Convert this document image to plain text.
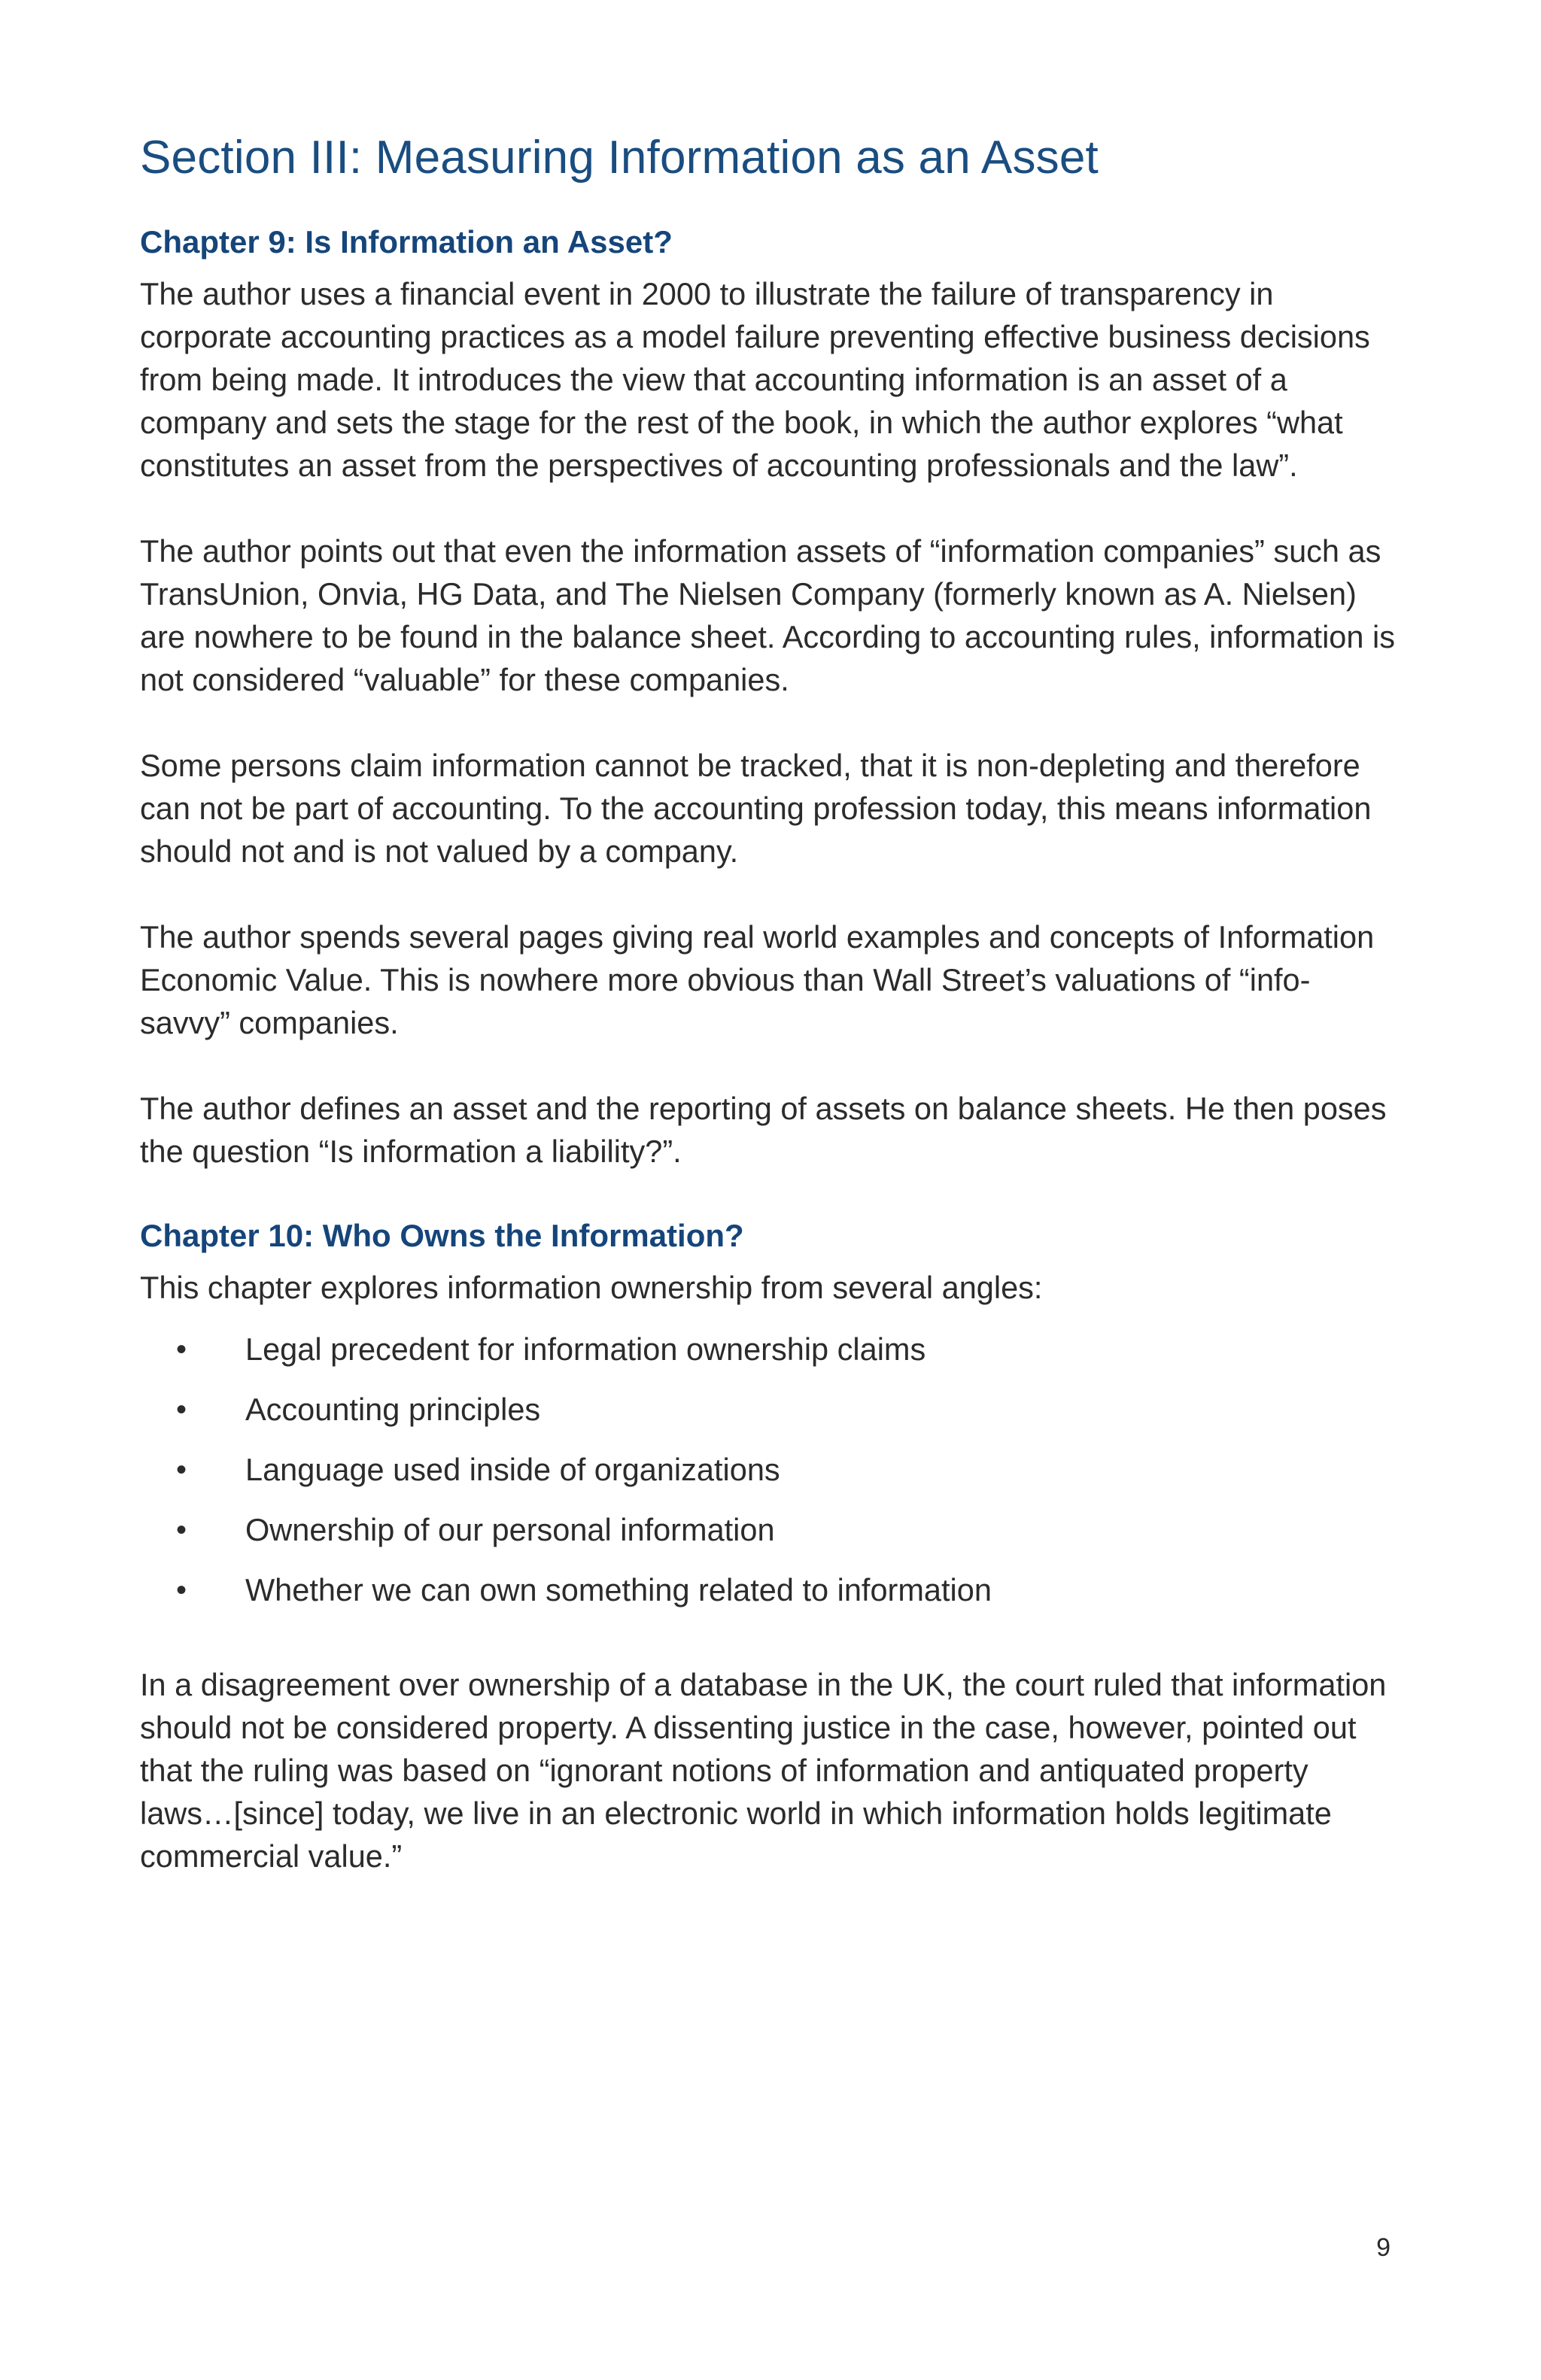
Section III: Measuring Information as an Asset
Chapter 9: Is Information an Asset?

The author uses a financial event in 2000 to illustrate the failure of transparency in corporate accounting practices as a model failure preventing effective business decisions from being made. It introduces the view that accounting information is an asset of a company and sets the stage for the rest of the book, in which the author explores “what constitutes an asset from the perspectives of accounting professionals and the law”.

The author points out that even the information assets of “information companies” such as TransUnion, Onvia, HG Data, and The Nielsen Company (formerly known as A. Nielsen) are nowhere to be found in the balance sheet. According to accounting rules, information is not considered “valuable” for these companies.

Some persons claim information cannot be tracked, that it is non-depleting and therefore can not be part of accounting. To the accounting profession today, this means information should not and is not valued by a company.

The author spends several pages giving real world examples and concepts of Information Economic Value. This is nowhere more obvious than Wall Street’s valuations of “info-savvy” companies.

The author defines an asset and the reporting of assets on balance sheets. He then poses the question “Is information a liability?”.

Chapter 10: Who Owns the Information?

This chapter explores information ownership from several angles:

• Legal precedent for information ownership claims
• Accounting principles
• Language used inside of organizations
• Ownership of our personal information
• Whether we can own something related to information

In a disagreement over ownership of a database in the UK, the court ruled that information should not be considered property. A dissenting justice in the case, however, pointed out that the ruling was based on “ignorant notions of information and antiquated property laws…[since] today, we live in an electronic world in which information holds legitimate commercial value.”

9
